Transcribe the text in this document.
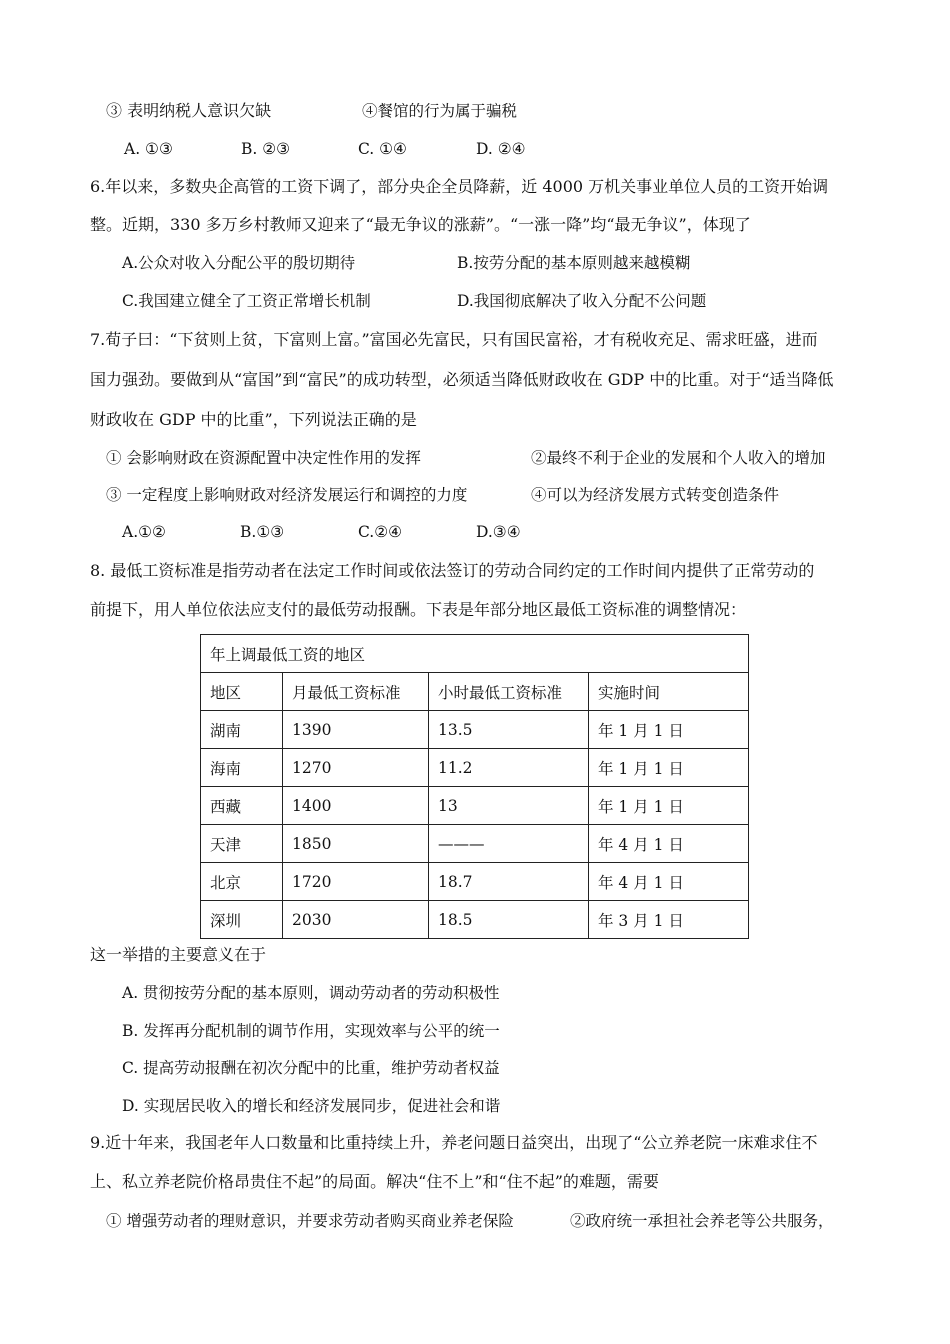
③ 表明纳税人意识欠缺	④餐馆的行为属于骗税
A. ①③	B. ②③	C. ①④	D. ②④
6.年以来，多数央企高管的工资下调了，部分央企全员降薪，近 4000 万机关事业单位人员的工资开始调
整。近期，330 多万乡村教师又迎来了“最无争议的涨薪”。“一涨一降”均“最无争议”，体现了
A.公众对收入分配公平的殷切期待	B.按劳分配的基本原则越来越模糊
C.我国建立健全了工资正常增长机制	D.我国彻底解决了收入分配不公问题
7.荀子曰：“下贫则上贫，下富则上富。”富国必先富民，只有国民富裕，才有税收充足、需求旺盛，进而
国力强劲。要做到从“富国”到“富民”的成功转型，必须适当降低财政收在 GDP 中的比重。对于“适当降低
财政收在 GDP 中的比重”，下列说法正确的是
① 会影响财政在资源配置中决定性作用的发挥	②最终不利于企业的发展和个人收入的增加
③ 一定程度上影响财政对经济发展运行和调控的力度	④可以为经济发展方式转变创造条件
A.①②	B.①③	C.②④	D.③④
8. 最低工资标准是指劳动者在法定工作时间或依法签订的劳动合同约定的工作时间内提供了正常劳动的
前提下，用人单位依法应支付的最低劳动报酬。下表是年部分地区最低工资标准的调整情况：
年上调最低工资的地区			
地区	月最低工资标准	小时最低工资标准	实施时间
湖南	1390	13.5	年 1 月 1 日
海南	1270	11.2	年 1 月 1 日
西藏	1400	13	年 1 月 1 日
天津	1850	———	年 4 月 1 日
北京	1720	18.7	年 4 月 1 日
深圳	2030	18.5	年 3 月 1 日
这一举措的主要意义在于
A. 贯彻按劳分配的基本原则，调动劳动者的劳动积极性
B. 发挥再分配机制的调节作用，实现效率与公平的统一
C. 提高劳动报酬在初次分配中的比重，维护劳动者权益
D. 实现居民收入的增长和经济发展同步，促进社会和谐
9.近十年来，我国老年人口数量和比重持续上升，养老问题日益突出，出现了“公立养老院一床难求住不
上、私立养老院价格昂贵住不起”的局面。解决“住不上”和“住不起”的难题，需要
① 增强劳动者的理财意识，并要求劳动者购买商业养老保险	②政府统一承担社会养老等公共服务，
